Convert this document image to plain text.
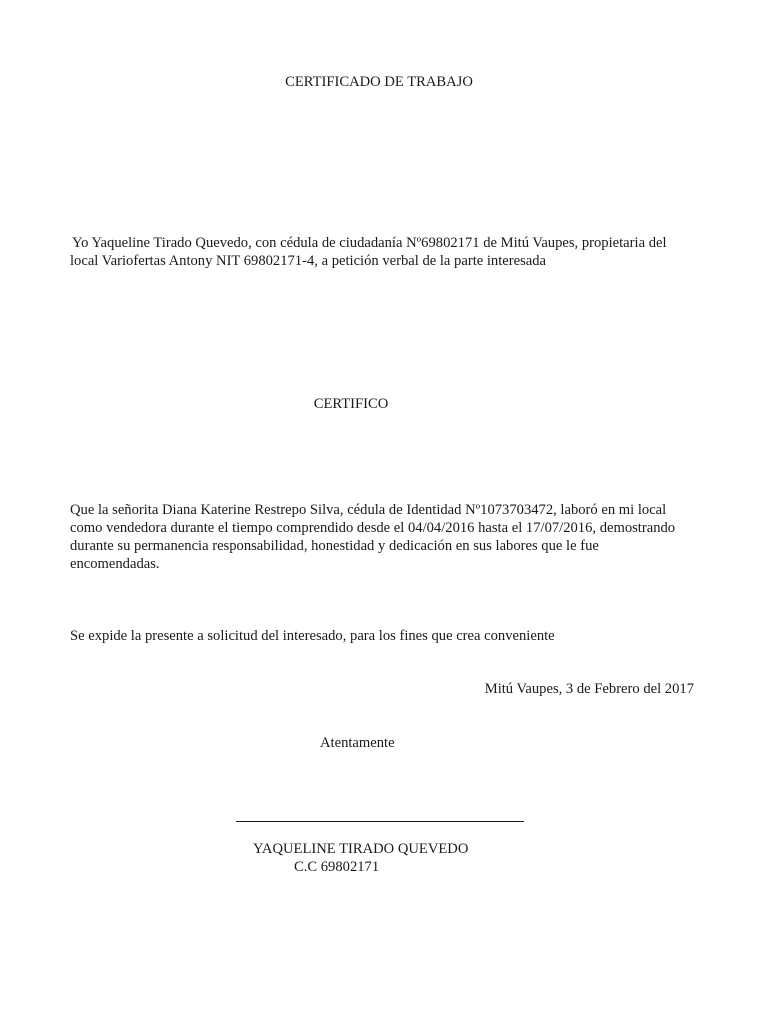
CERTIFICADO DE TRABAJO
Yo Yaqueline Tirado Quevedo, con cédula de ciudadanía Nº69802171 de Mitú Vaupes, propietaria del
local Variofertas Antony NIT 69802171-4, a petición verbal de la parte interesada
CERTIFICO
Que la señorita Diana Katerine Restrepo Silva, cédula de Identidad Nº1073703472, laboró en mi local
como vendedora durante el tiempo comprendido desde el 04/04/2016 hasta el 17/07/2016, demostrando
durante su permanencia responsabilidad, honestidad y dedicación en sus labores que le fue
encomendadas.
Se expide la presente a solicitud del interesado, para los fines que crea conveniente
Mitú Vaupes, 3 de Febrero del 2017
Atentamente
YAQUELINE TIRADO QUEVEDO
C.C 69802171
